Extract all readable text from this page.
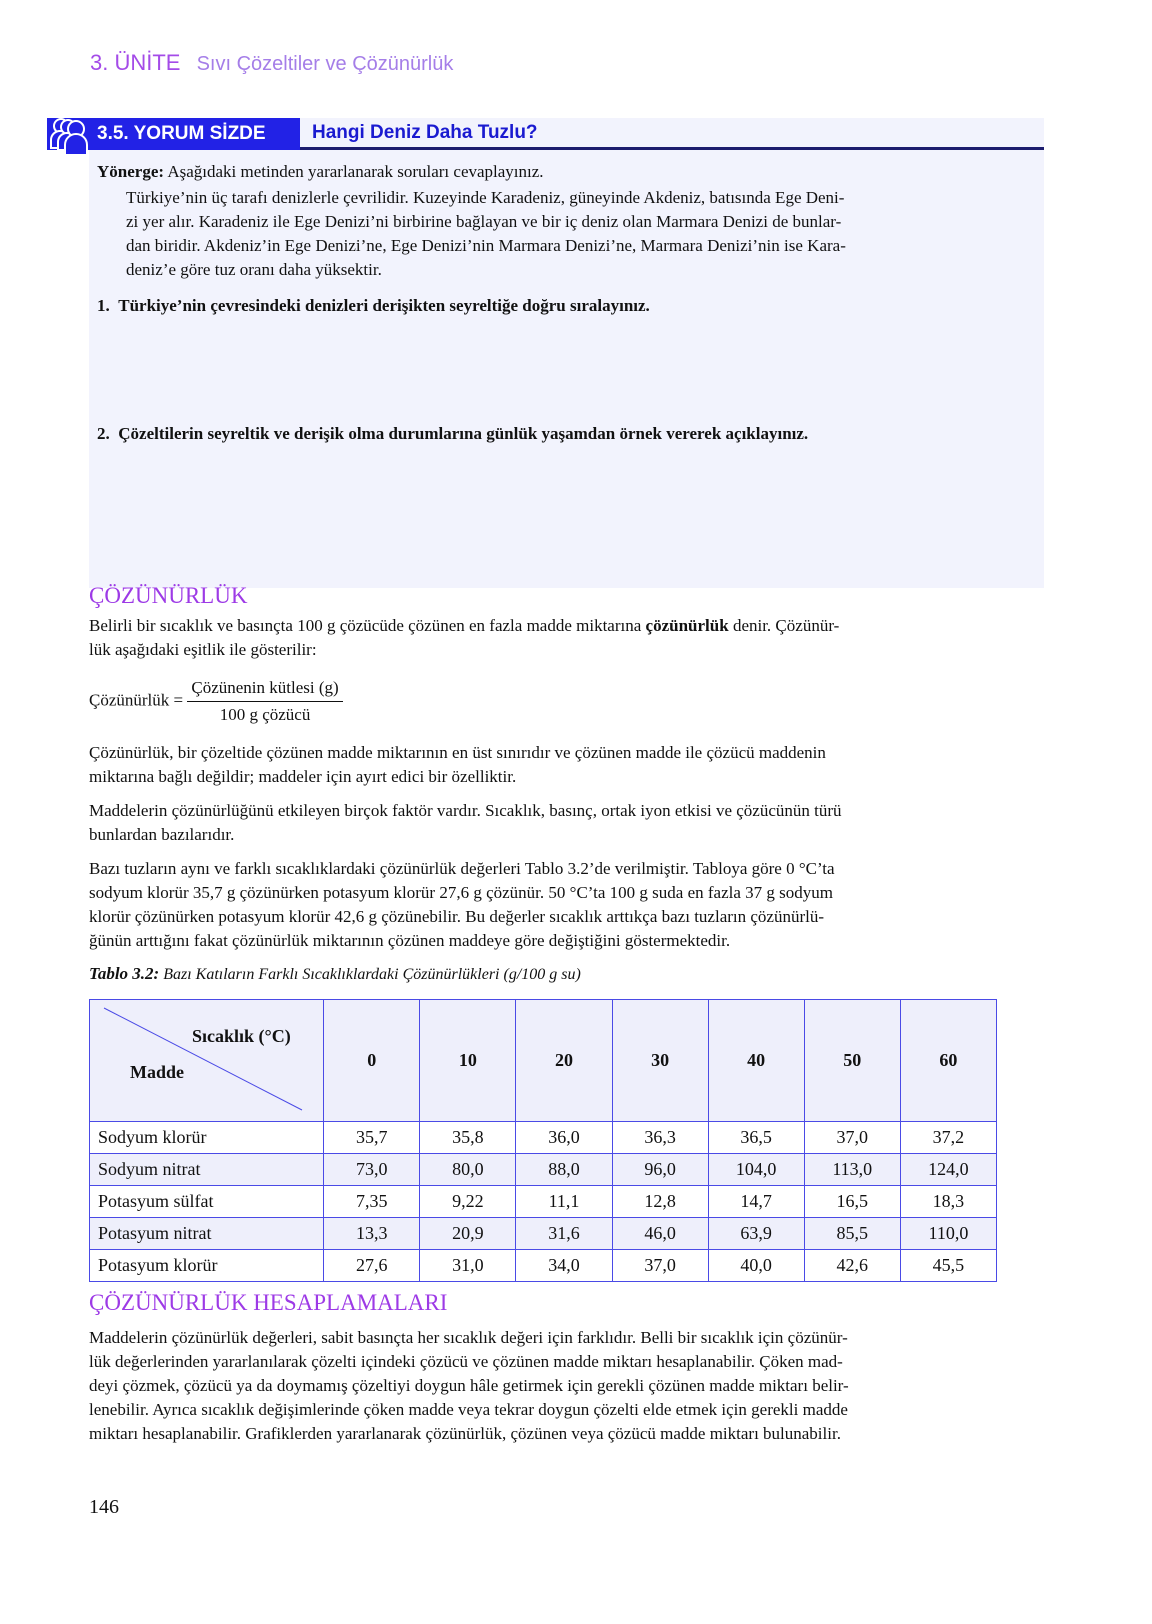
3. ÜNİTE Sıvı Çözeltiler ve Çözünürlük
3.5. YORUM SİZDE	Hangi Deniz Daha Tuzlu?
Yönerge: Aşağıdaki metinden yararlanarak soruları cevaplayınız.
Türkiye’nin üç tarafı denizlerle çevrilidir. Kuzeyinde Karadeniz, güneyinde Akdeniz, batısında Ege Deni-
zi yer alır. Karadeniz ile Ege Denizi’ni birbirine bağlayan ve bir iç deniz olan Marmara Denizi de bunlar-
dan biridir. Akdeniz’in Ege Denizi’ne, Ege Denizi’nin Marmara Denizi’ne, Marmara Denizi’nin ise Kara-
deniz’e göre tuz oranı daha yüksektir.
1. Türkiye’nin çevresindeki denizleri derişikten seyreltiğe doğru sıralayınız.
2. Çözeltilerin seyreltik ve derişik olma durumlarına günlük yaşamdan örnek vererek açıklayınız.
ÇÖZÜNÜRLÜK
Belirli bir sıcaklık ve basınçta 100 g çözücüde çözünen en fazla madde miktarına çözünürlük denir. Çözünür-
lük aşağıdaki eşitlik ile gösterilir:
Çözünürlük = $\frac{\text{Çözünenin kütlesi (g)}}{\text{100 g çözücü}}$
Çözünürlük, bir çözeltide çözünen madde miktarının en üst sınırıdır ve çözünen madde ile çözücü maddenin
miktarına bağlı değildir; maddeler için ayırt edici bir özelliktir.
Maddelerin çözünürlüğünü etkileyen birçok faktör vardır. Sıcaklık, basınç, ortak iyon etkisi ve çözücünün türü
bunlardan bazılarıdır.
Bazı tuzların aynı ve farklı sıcaklıklardaki çözünürlük değerleri Tablo 3.2’de verilmiştir. Tabloya göre 0 °C’ta
sodyum klorür 35,7 g çözünürken potasyum klorür 27,6 g çözünür. 50 °C’ta 100 g suda en fazla 37 g sodyum
klorür çözünürken potasyum klorür 42,6 g çözünebilir. Bu değerler sıcaklık arttıkça bazı tuzların çözünürlü-
ğünün arttığını fakat çözünürlük miktarının çözünen maddeye göre değiştiğini göstermektedir.
Tablo 3.2: Bazı Katıların Farklı Sıcaklıklardaki Çözünürlükleri (g/100 g su)
Sıcaklık (°C)
Madde	0	10	20	30	40	50	60
Sodyum klorür	35,7	35,8	36,0	36,3	36,5	37,0	37,2
Sodyum nitrat	73,0	80,0	88,0	96,0	104,0	113,0	124,0
Potasyum sülfat	7,35	9,22	11,1	12,8	14,7	16,5	18,3
Potasyum nitrat	13,3	20,9	31,6	46,0	63,9	85,5	110,0
Potasyum klorür	27,6	31,0	34,0	37,0	40,0	42,6	45,5
ÇÖZÜNÜRLÜK HESAPLAMALARI
Maddelerin çözünürlük değerleri, sabit basınçta her sıcaklık değeri için farklıdır. Belli bir sıcaklık için çözünür-
lük değerlerinden yararlanılarak çözelti içindeki çözücü ve çözünen madde miktarı hesaplanabilir. Çöken mad-
deyi çözmek, çözücü ya da doymamış çözeltiyi doygun hâle getirmek için gerekli çözünen madde miktarı belir-
lenebilir. Ayrıca sıcaklık değişimlerinde çöken madde veya tekrar doygun çözelti elde etmek için gerekli madde
miktarı hesaplanabilir. Grafiklerden yararlanarak çözünürlük, çözünen veya çözücü madde miktarı bulunabilir.
146
